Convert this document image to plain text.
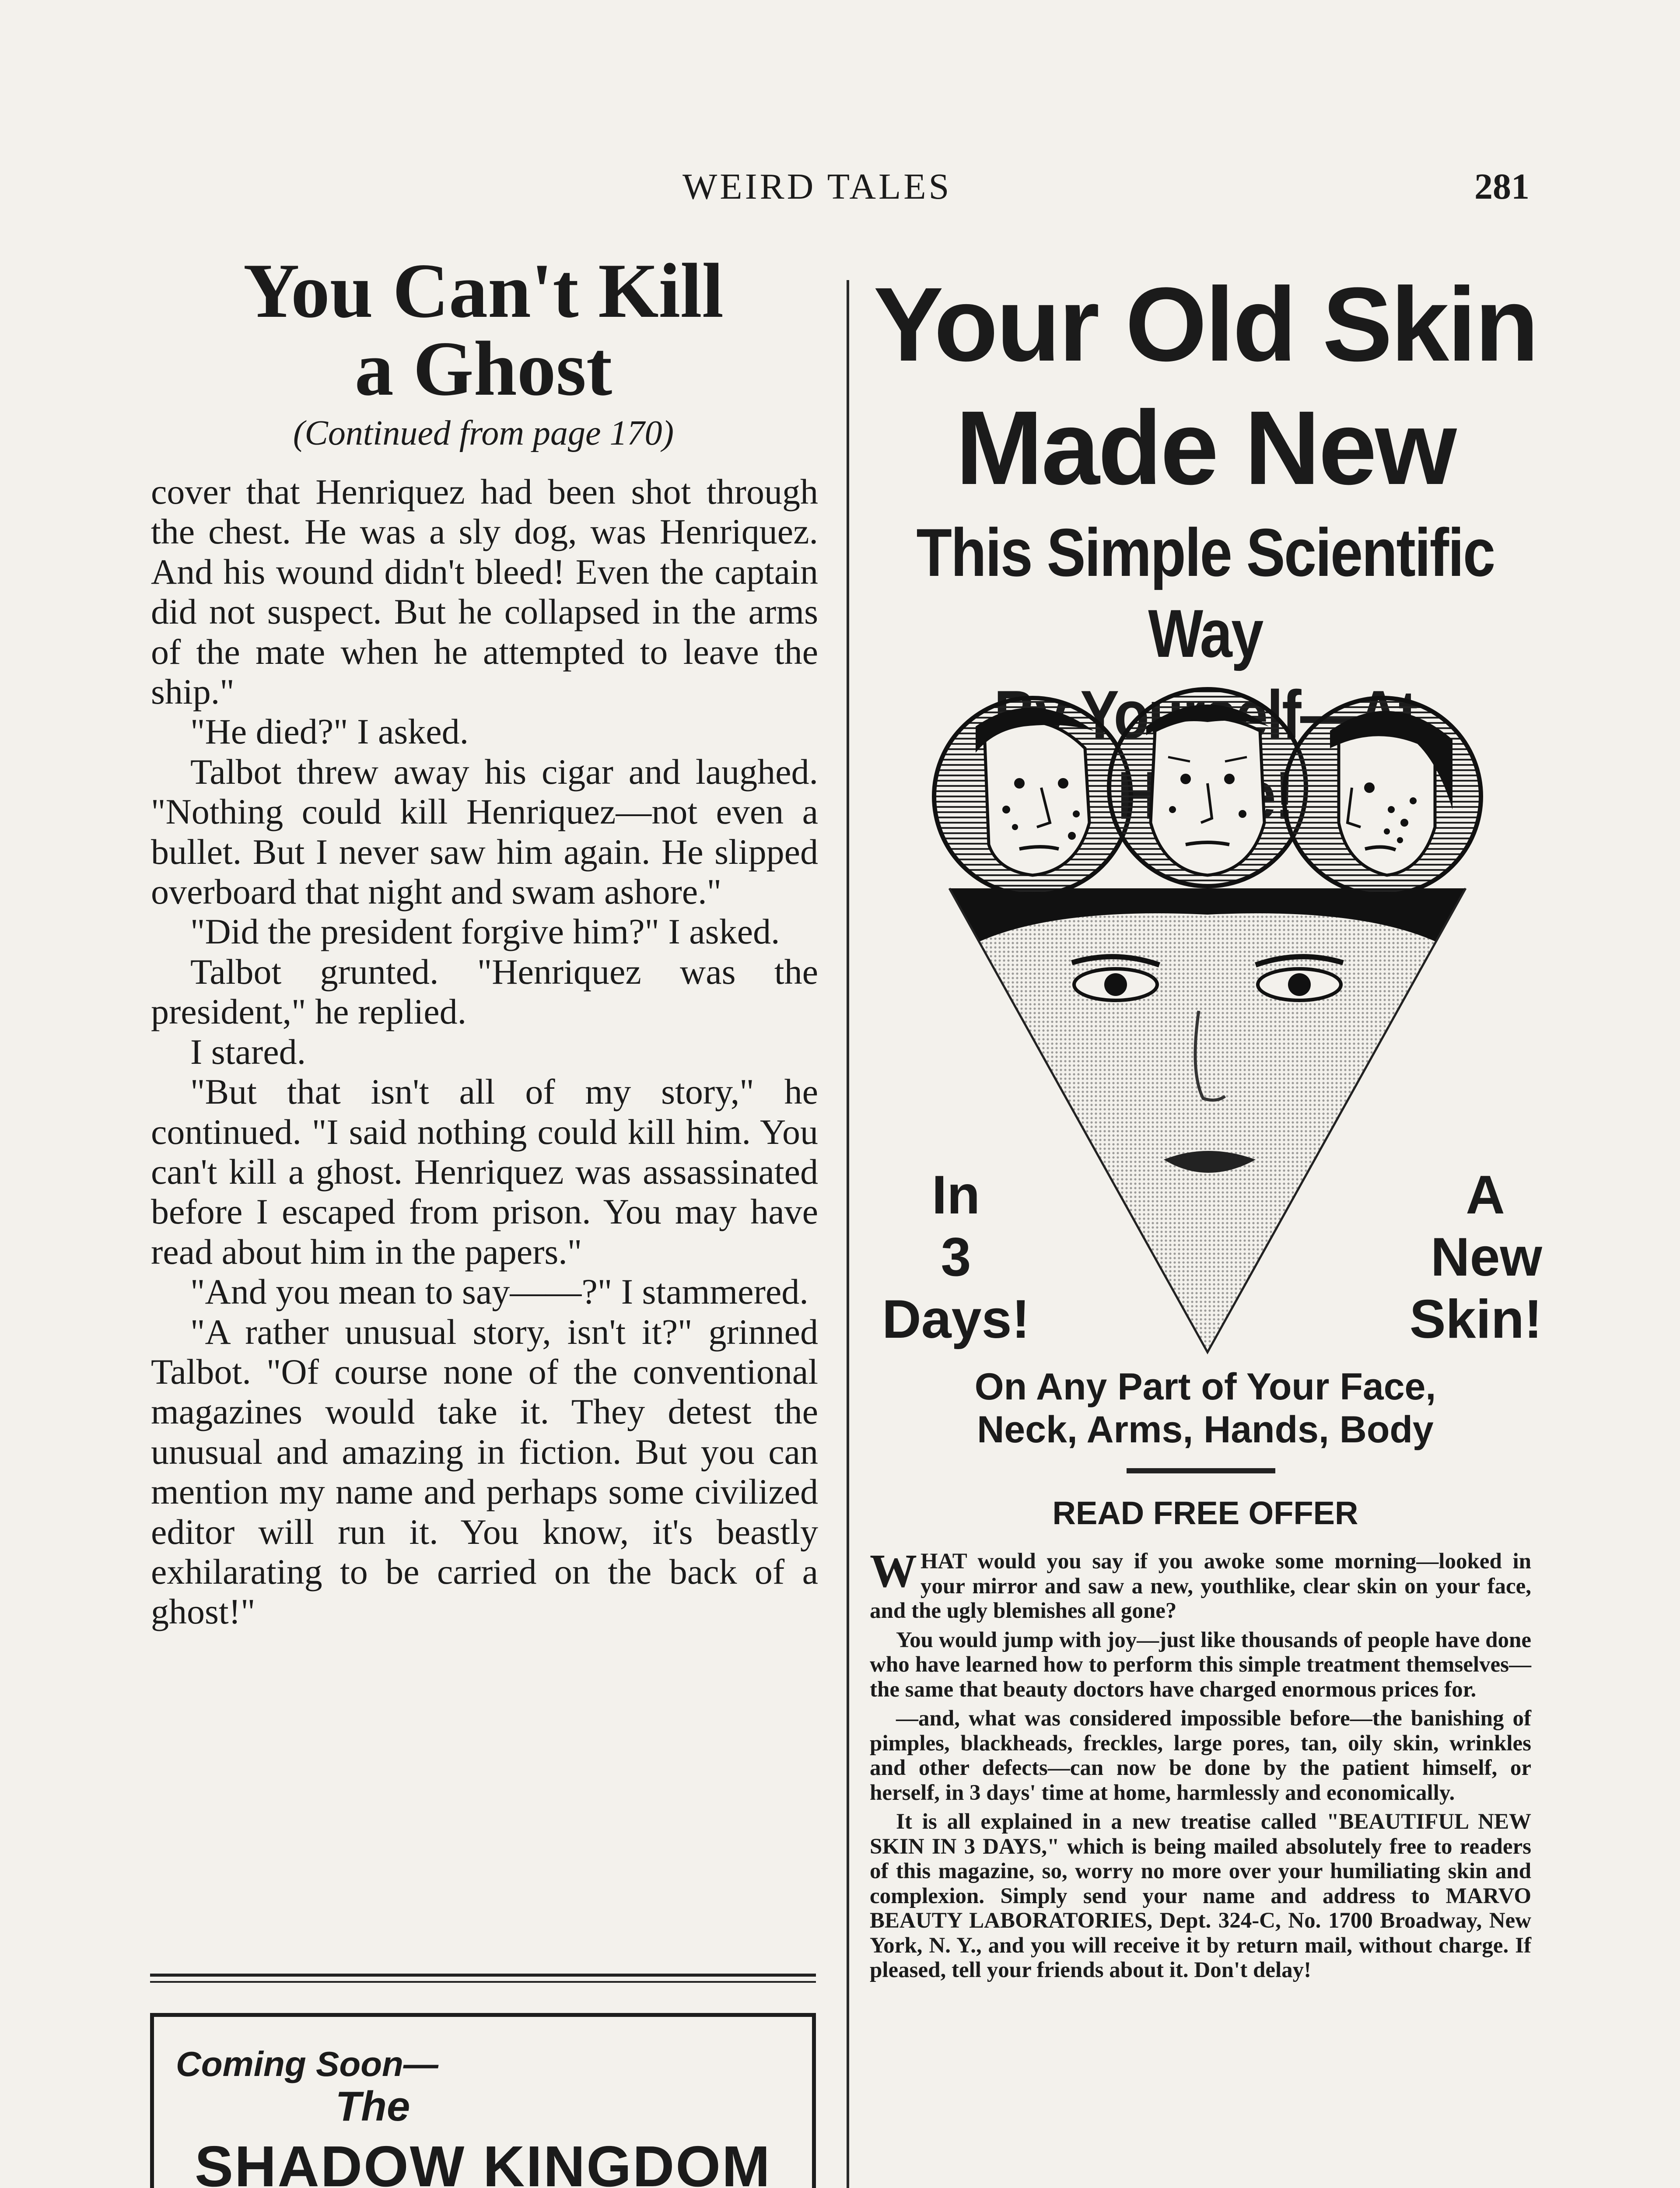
WEIRD TALES	281
You Can't Kill
a Ghost
(Continued from page 170)

cover that Henriquez had been shot through the chest. He was a sly dog, was Henriquez. And his wound didn't bleed! Even the captain did not suspect. But he collapsed in the arms of the mate when he attempted to leave the ship."

"He died?" I asked.

Talbot threw away his cigar and laughed. "Nothing could kill Henriquez—not even a bullet. But I never saw him again. He slipped overboard that night and swam ashore."

"Did the president forgive him?" I asked.

Talbot grunted. "Henriquez was the president," he replied.

I stared.

"But that isn't all of my story," he continued. "I said nothing could kill him. You can't kill a ghost. Henriquez was assassinated before I escaped from prison. You may have read about him in the papers."

"And you mean to say——?" I stammered.

"A rather unusual story, isn't it?" grinned Talbot. "Of course none of the conventional magazines would take it. They detest the unusual and amazing in fiction. But you can mention my name and perhaps some civilized editor will run it. You know, it's beastly exhilarating to be carried on the back of a ghost!"

Coming Soon—
The
SHADOW KINGDOM
Your Old Skin
Made New
This Simple Scientific Way
In
3
Days!
A
New
Skin!
On Any Part of Your Face,
Neck, Arms, Hands, Body
READ FREE OFFER

WHAT would you say if you awoke some morning—looked in your mirror and saw a new, youthlike, clear skin on your face, and the ugly blemishes all gone?

You would jump with joy—just like thousands of people have done who have learned how to perform this simple treatment themselves—the same that beauty doctors have charged enormous prices for.

—and, what was considered impossible before—the banishing of pimples, blackheads, freckles, large pores, tan, oily skin, wrinkles and other defects—can now be done by the patient himself, or herself, in 3 days' time at home, harmlessly and economically.

It is all explained in a new treatise called "BEAUTIFUL NEW SKIN IN 3 DAYS," which is being mailed absolutely free to readers of this magazine, so, worry no more over your humiliating skin and complexion. Simply send your name and address to MARVO BEAUTY LABORATORIES, Dept. 324-C, No. 1700 Broadway, New York, N. Y., and you will receive it by return mail, without charge. If pleased, tell your friends about it. Don't delay!
